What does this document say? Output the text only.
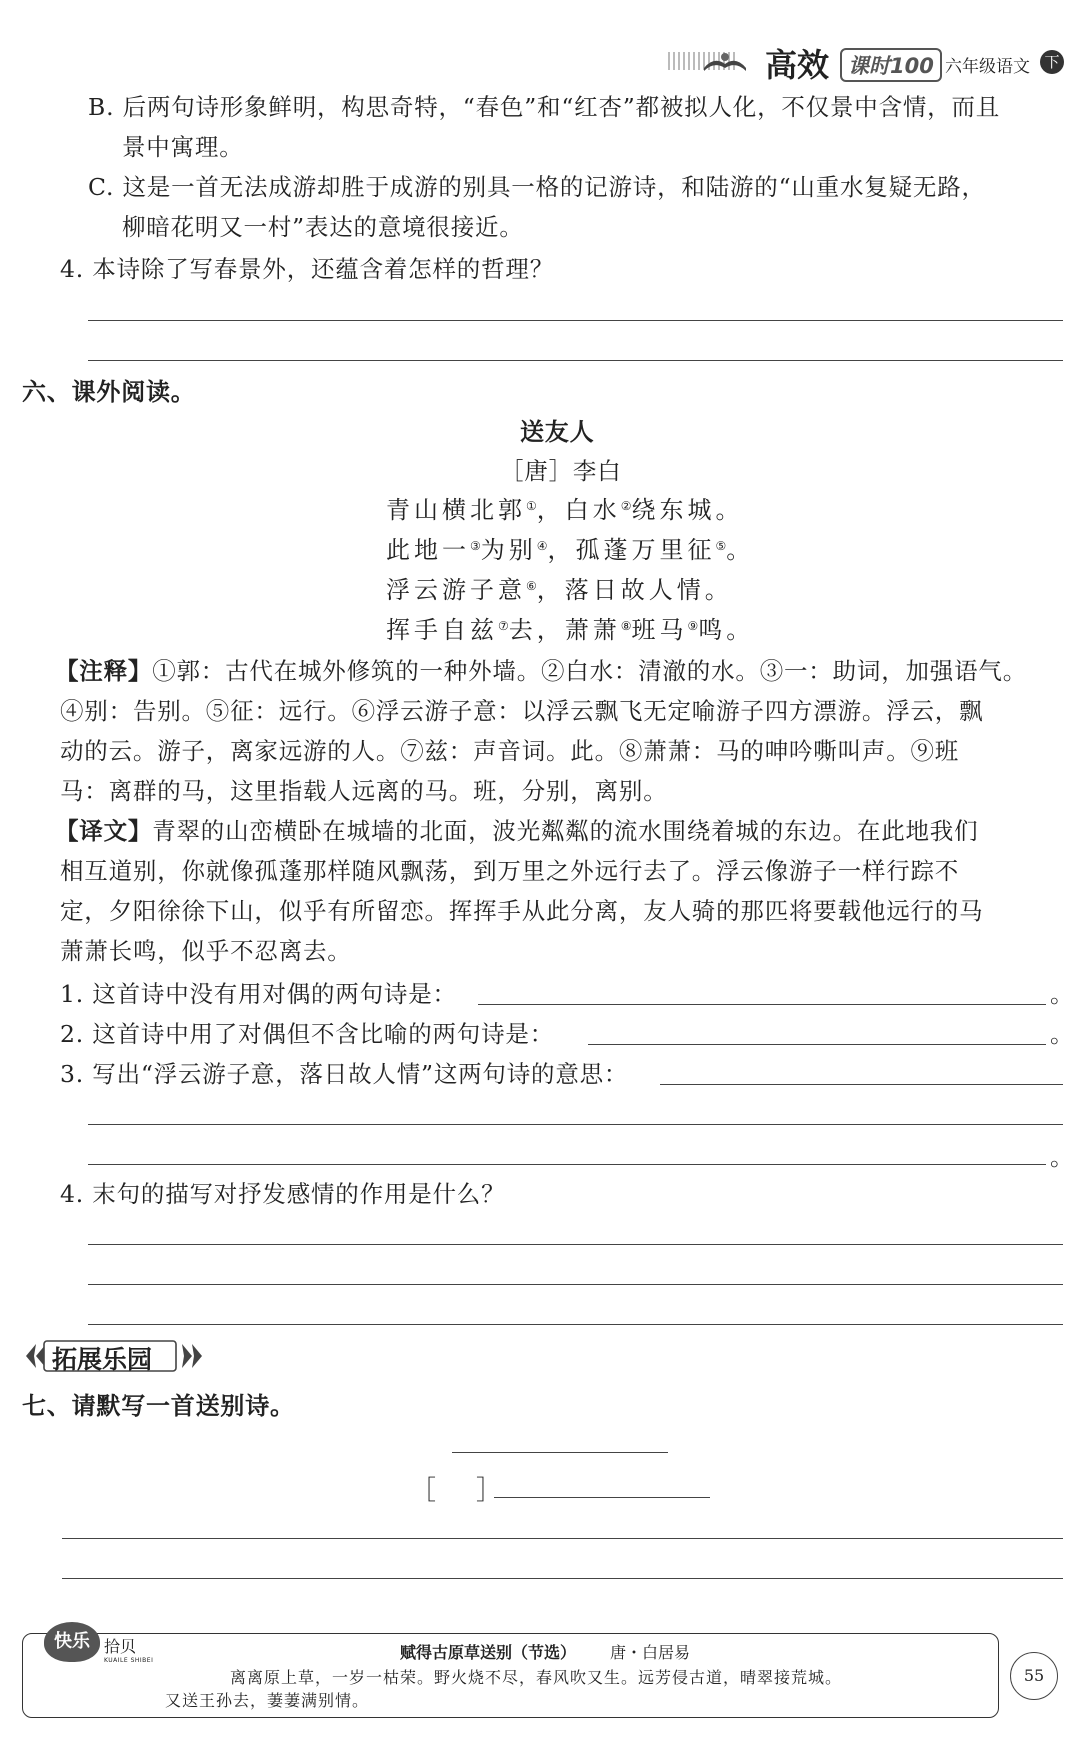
高效 课时100 六年级语文 下
B. 后两句诗形象鲜明，构思奇特，“春色”和“红杏”都被拟人化，不仅景中含情，而且
景中寓理。
C. 这是一首无法成游却胜于成游的别具一格的记游诗，和陆游的“山重水复疑无路，
柳暗花明又一村”表达的意境很接近。
4. 本诗除了写春景外，还蕴含着怎样的哲理？
六、课外阅读。
送友人
［唐］李白
青山横北郭①，白水②绕东城。
此地一③为别④，孤蓬万里征⑤。
浮云游子意⑥，落日故人情。
挥手自兹⑦去，萧萧⑧班马⑨鸣。
【注释】①郭：古代在城外修筑的一种外墙。②白水：清澈的水。③一：助词，加强语气。
④别：告别。⑤征：远行。⑥浮云游子意：以浮云飘飞无定喻游子四方漂游。浮云，飘
动的云。游子，离家远游的人。⑦兹：声音词。此。⑧萧萧：马的呻吟嘶叫声。⑨班
马：离群的马，这里指载人远离的马。班，分别，离别。
【译文】青翠的山峦横卧在城墙的北面，波光粼粼的流水围绕着城的东边。在此地我们
相互道别，你就像孤蓬那样随风飘荡，到万里之外远行去了。浮云像游子一样行踪不
定，夕阳徐徐下山，似乎有所留恋。挥挥手从此分离，友人骑的那匹将要载他远行的马
萧萧长鸣，似乎不忍离去。
1. 这首诗中没有用对偶的两句诗是：	。
2. 这首诗中用了对偶但不含比喻的两句诗是：	。
3. 写出“浮云游子意，落日故人情”这两句诗的意思：
。
4. 末句的描写对抒发感情的作用是什么？
拓展乐园
七、请默写一首送别诗。
［ ］
快乐 拾贝
KUAILE SHIBEI	赋得古原草送别（节选） 唐・白居易
离离原上草，一岁一枯荣。野火烧不尽，春风吹又生。远芳侵古道，晴翠接荒城。
又送王孙去，萋萋满别情。
55
